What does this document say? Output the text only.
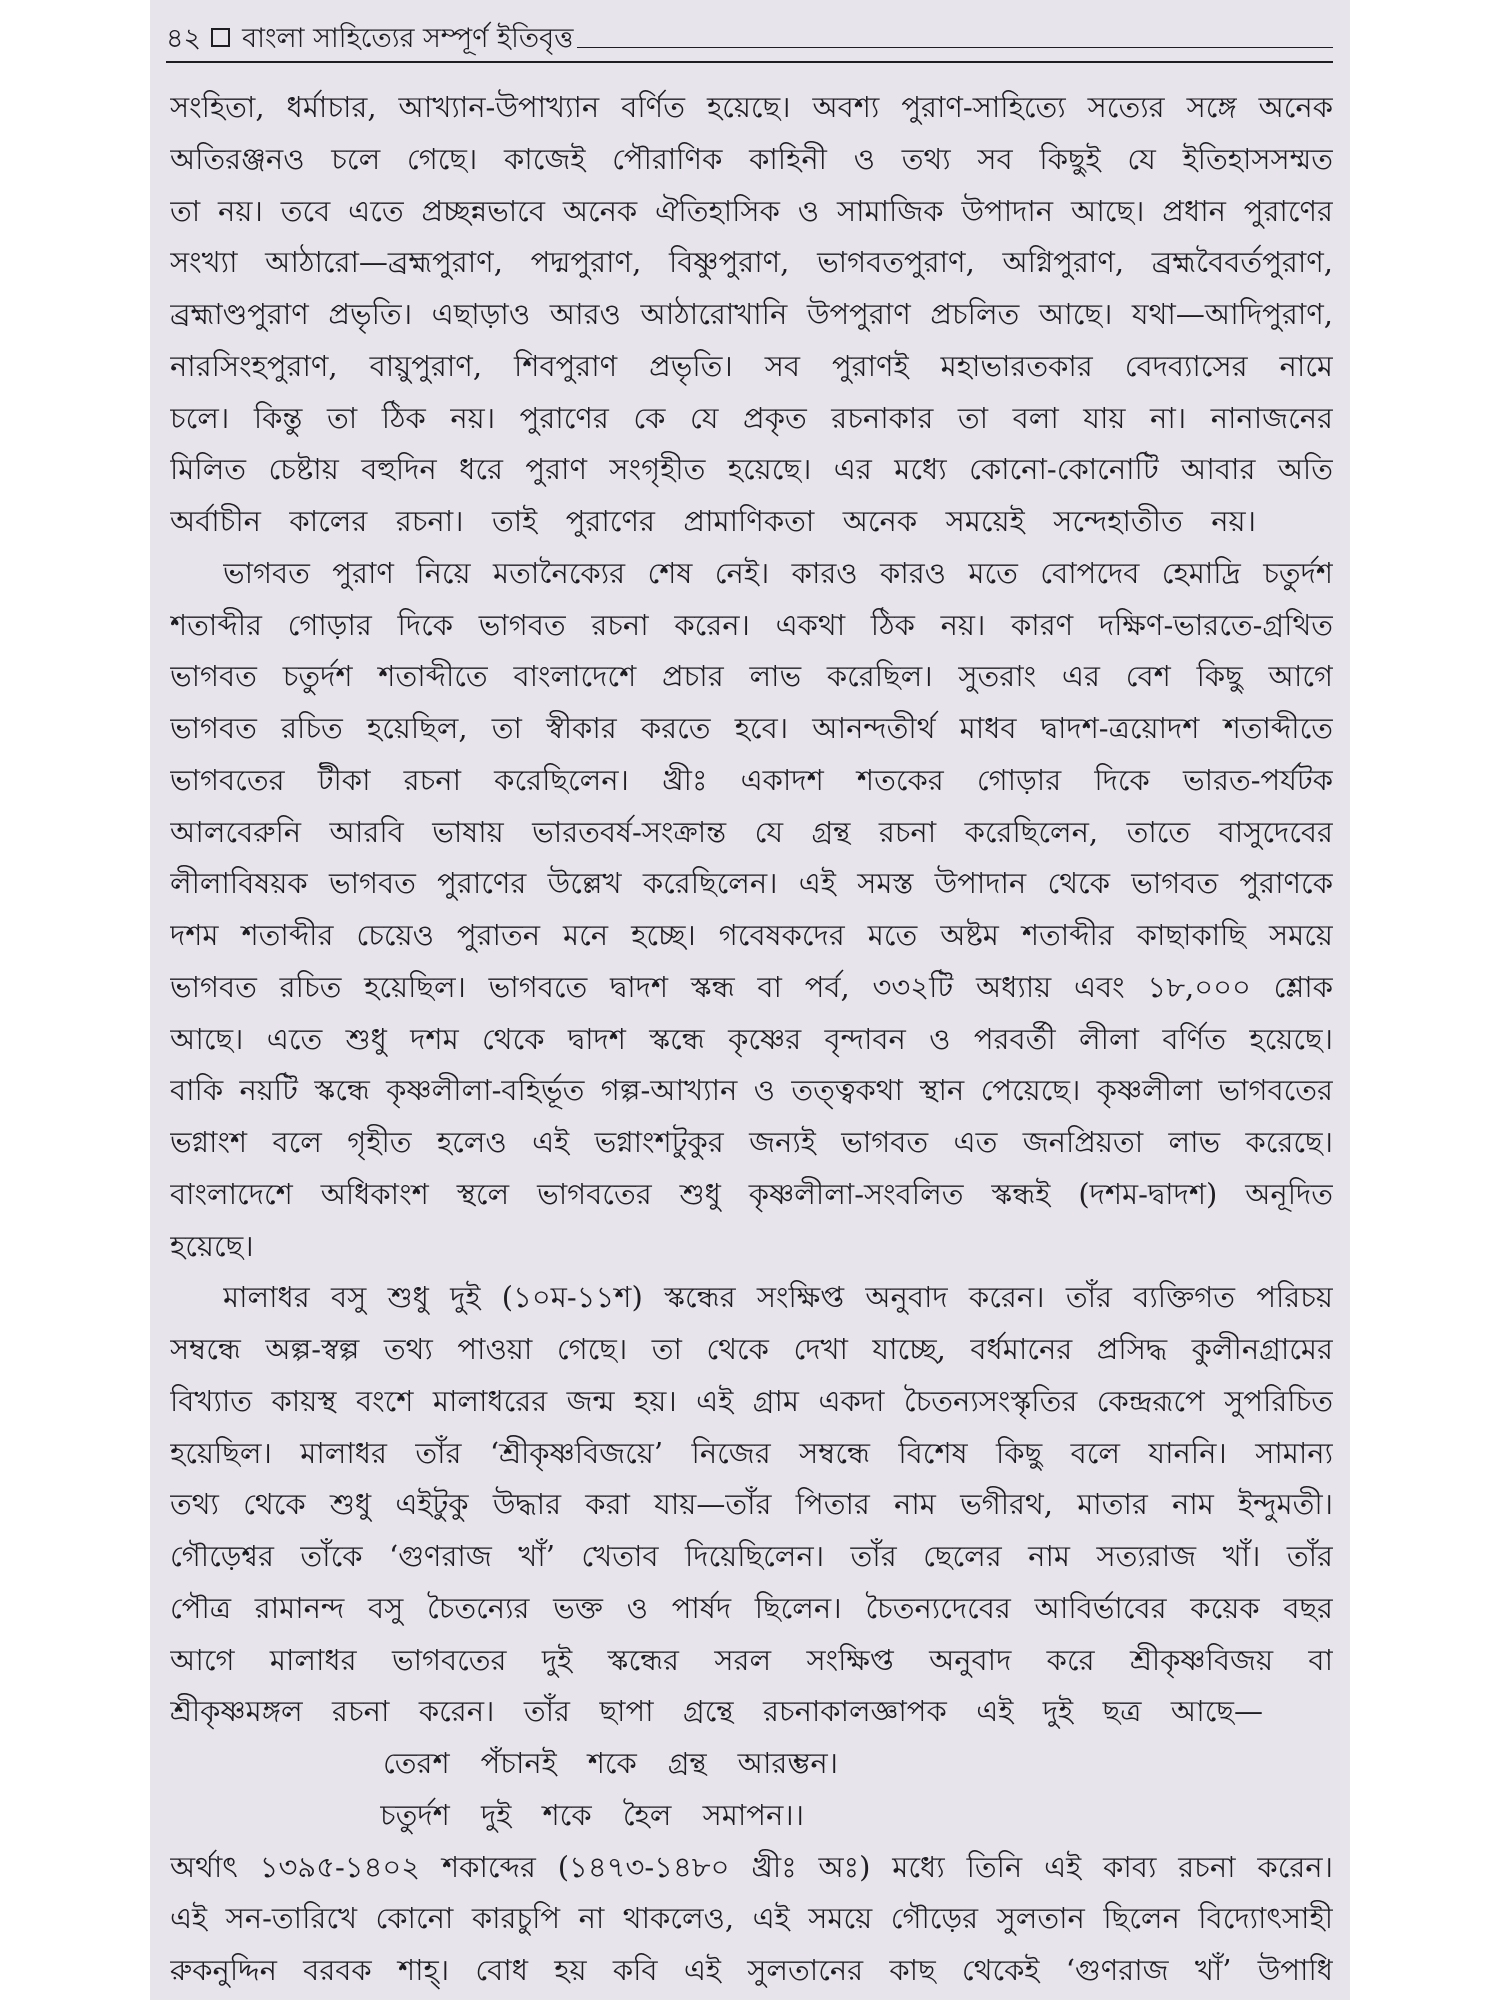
৪২ বাংলা সাহিত্যের সম্পূর্ণ ইতিবৃত্ত
সংহিতা, ধর্মাচার, আখ্যান-উপাখ্যান বর্ণিত হয়েছে। অবশ্য পুরাণ-সাহিত্যে সত্যের সঙ্গে অনেক
অতিরঞ্জনও চলে গেছে। কাজেই পৌরাণিক কাহিনী ও তথ্য সব কিছুই যে ইতিহাসসম্মত
তা নয়। তবে এতে প্রচ্ছন্নভাবে অনেক ঐতিহাসিক ও সামাজিক উপাদান আছে। প্রধান পুরাণের
সংখ্যা আঠারো—ব্রহ্মপুরাণ, পদ্মপুরাণ, বিষ্ণুপুরাণ, ভাগবতপুরাণ, অগ্নিপুরাণ, ব্রহ্মবৈবর্তপুরাণ,
ব্রহ্মাণ্ডপুরাণ প্রভৃতি। এছাড়াও আরও আঠারোখানি উপপুরাণ প্রচলিত আছে। যথা—আদিপুরাণ,
নারসিংহপুরাণ, বায়ুপুরাণ, শিবপুরাণ প্রভৃতি। সব পুরাণই মহাভারতকার বেদব্যাসের নামে
চলে। কিন্তু তা ঠিক নয়। পুরাণের কে যে প্রকৃত রচনাকার তা বলা যায় না। নানাজনের
মিলিত চেষ্টায় বহুদিন ধরে পুরাণ সংগৃহীত হয়েছে। এর মধ্যে কোনো-কোনোটি আবার অতি
অর্বাচীন কালের রচনা। তাই পুরাণের প্রামাণিকতা অনেক সময়েই সন্দেহাতীত নয়।
ভাগবত পুরাণ নিয়ে মতানৈক্যের শেষ নেই। কারও কারও মতে বোপদেব হেমাদ্রি চতুর্দশ
শতাব্দীর গোড়ার দিকে ভাগবত রচনা করেন। একথা ঠিক নয়। কারণ দক্ষিণ-ভারতে-গ্রথিত
ভাগবত চতুর্দশ শতাব্দীতে বাংলাদেশে প্রচার লাভ করেছিল। সুতরাং এর বেশ কিছু আগে
ভাগবত রচিত হয়েছিল, তা স্বীকার করতে হবে। আনন্দতীর্থ মাধব দ্বাদশ-ত্রয়োদশ শতাব্দীতে
ভাগবতের টীকা রচনা করেছিলেন। খ্রীঃ একাদশ শতকের গোড়ার দিকে ভারত-পর্যটক
আলবেরুনি আরবি ভাষায় ভারতবর্ষ-সংক্রান্ত যে গ্রন্থ রচনা করেছিলেন, তাতে বাসুদেবের
লীলাবিষয়ক ভাগবত পুরাণের উল্লেখ করেছিলেন। এই সমস্ত উপাদান থেকে ভাগবত পুরাণকে
দশম শতাব্দীর চেয়েও পুরাতন মনে হচ্ছে। গবেষকদের মতে অষ্টম শতাব্দীর কাছাকাছি সময়ে
ভাগবত রচিত হয়েছিল। ভাগবতে দ্বাদশ স্কন্ধ বা পর্ব, ৩৩২টি অধ্যায় এবং ১৮,০০০ শ্লোক
আছে। এতে শুধু দশম থেকে দ্বাদশ স্কন্ধে কৃষ্ণের বৃন্দাবন ও পরবর্তী লীলা বর্ণিত হয়েছে।
বাকি নয়টি স্কন্ধে কৃষ্ণলীলা-বহির্ভূত গল্প-আখ্যান ও তত্ত্বকথা স্থান পেয়েছে। কৃষ্ণলীলা ভাগবতের
ভগ্নাংশ বলে গৃহীত হলেও এই ভগ্নাংশটুকুর জন্যই ভাগবত এত জনপ্রিয়তা লাভ করেছে।
বাংলাদেশে অধিকাংশ স্থলে ভাগবতের শুধু কৃষ্ণলীলা-সংবলিত স্কন্ধই (দশম-দ্বাদশ) অনূদিত
হয়েছে।
মালাধর বসু শুধু দুই (১০ম-১১শ) স্কন্ধের সংক্ষিপ্ত অনুবাদ করেন। তাঁর ব্যক্তিগত পরিচয়
সম্বন্ধে অল্প-স্বল্প তথ্য পাওয়া গেছে। তা থেকে দেখা যাচ্ছে, বর্ধমানের প্রসিদ্ধ কুলীনগ্রামের
বিখ্যাত কায়স্থ বংশে মালাধরের জন্ম হয়। এই গ্রাম একদা চৈতন্যসংস্কৃতির কেন্দ্ররূপে সুপরিচিত
হয়েছিল। মালাধর তাঁর ‘শ্রীকৃষ্ণবিজয়ে’ নিজের সম্বন্ধে বিশেষ কিছু বলে যাননি। সামান্য
তথ্য থেকে শুধু এইটুকু উদ্ধার করা যায়—তাঁর পিতার নাম ভগীরথ, মাতার নাম ইন্দুমতী।
গৌড়েশ্বর তাঁকে ‘গুণরাজ খাঁ’ খেতাব দিয়েছিলেন। তাঁর ছেলের নাম সত্যরাজ খাঁ। তাঁর
পৌত্র রামানন্দ বসু চৈতন্যের ভক্ত ও পার্ষদ ছিলেন। চৈতন্যদেবের আবির্ভাবের কয়েক বছর
আগে মালাধর ভাগবতের দুই স্কন্ধের সরল সংক্ষিপ্ত অনুবাদ করে শ্রীকৃষ্ণবিজয় বা
শ্রীকৃষ্ণমঙ্গল রচনা করেন। তাঁর ছাপা গ্রন্থে রচনাকালজ্ঞাপক এই দুই ছত্র আছে—
তেরশ পঁচানই শকে গ্রন্থ আরম্ভন।
চতুর্দশ দুই শকে হৈল সমাপন।।
অর্থাৎ ১৩৯৫-১৪০২ শকাব্দের (১৪৭৩-১৪৮০ খ্রীঃ অঃ) মধ্যে তিনি এই কাব্য রচনা করেন।
এই সন-তারিখে কোনো কারচুপি না থাকলেও, এই সময়ে গৌড়ের সুলতান ছিলেন বিদ্যোৎসাহী
রুকনুদ্দিন বরবক শাহ্। বোধ হয় কবি এই সুলতানের কাছ থেকেই ‘গুণরাজ খাঁ’ উপাধি
